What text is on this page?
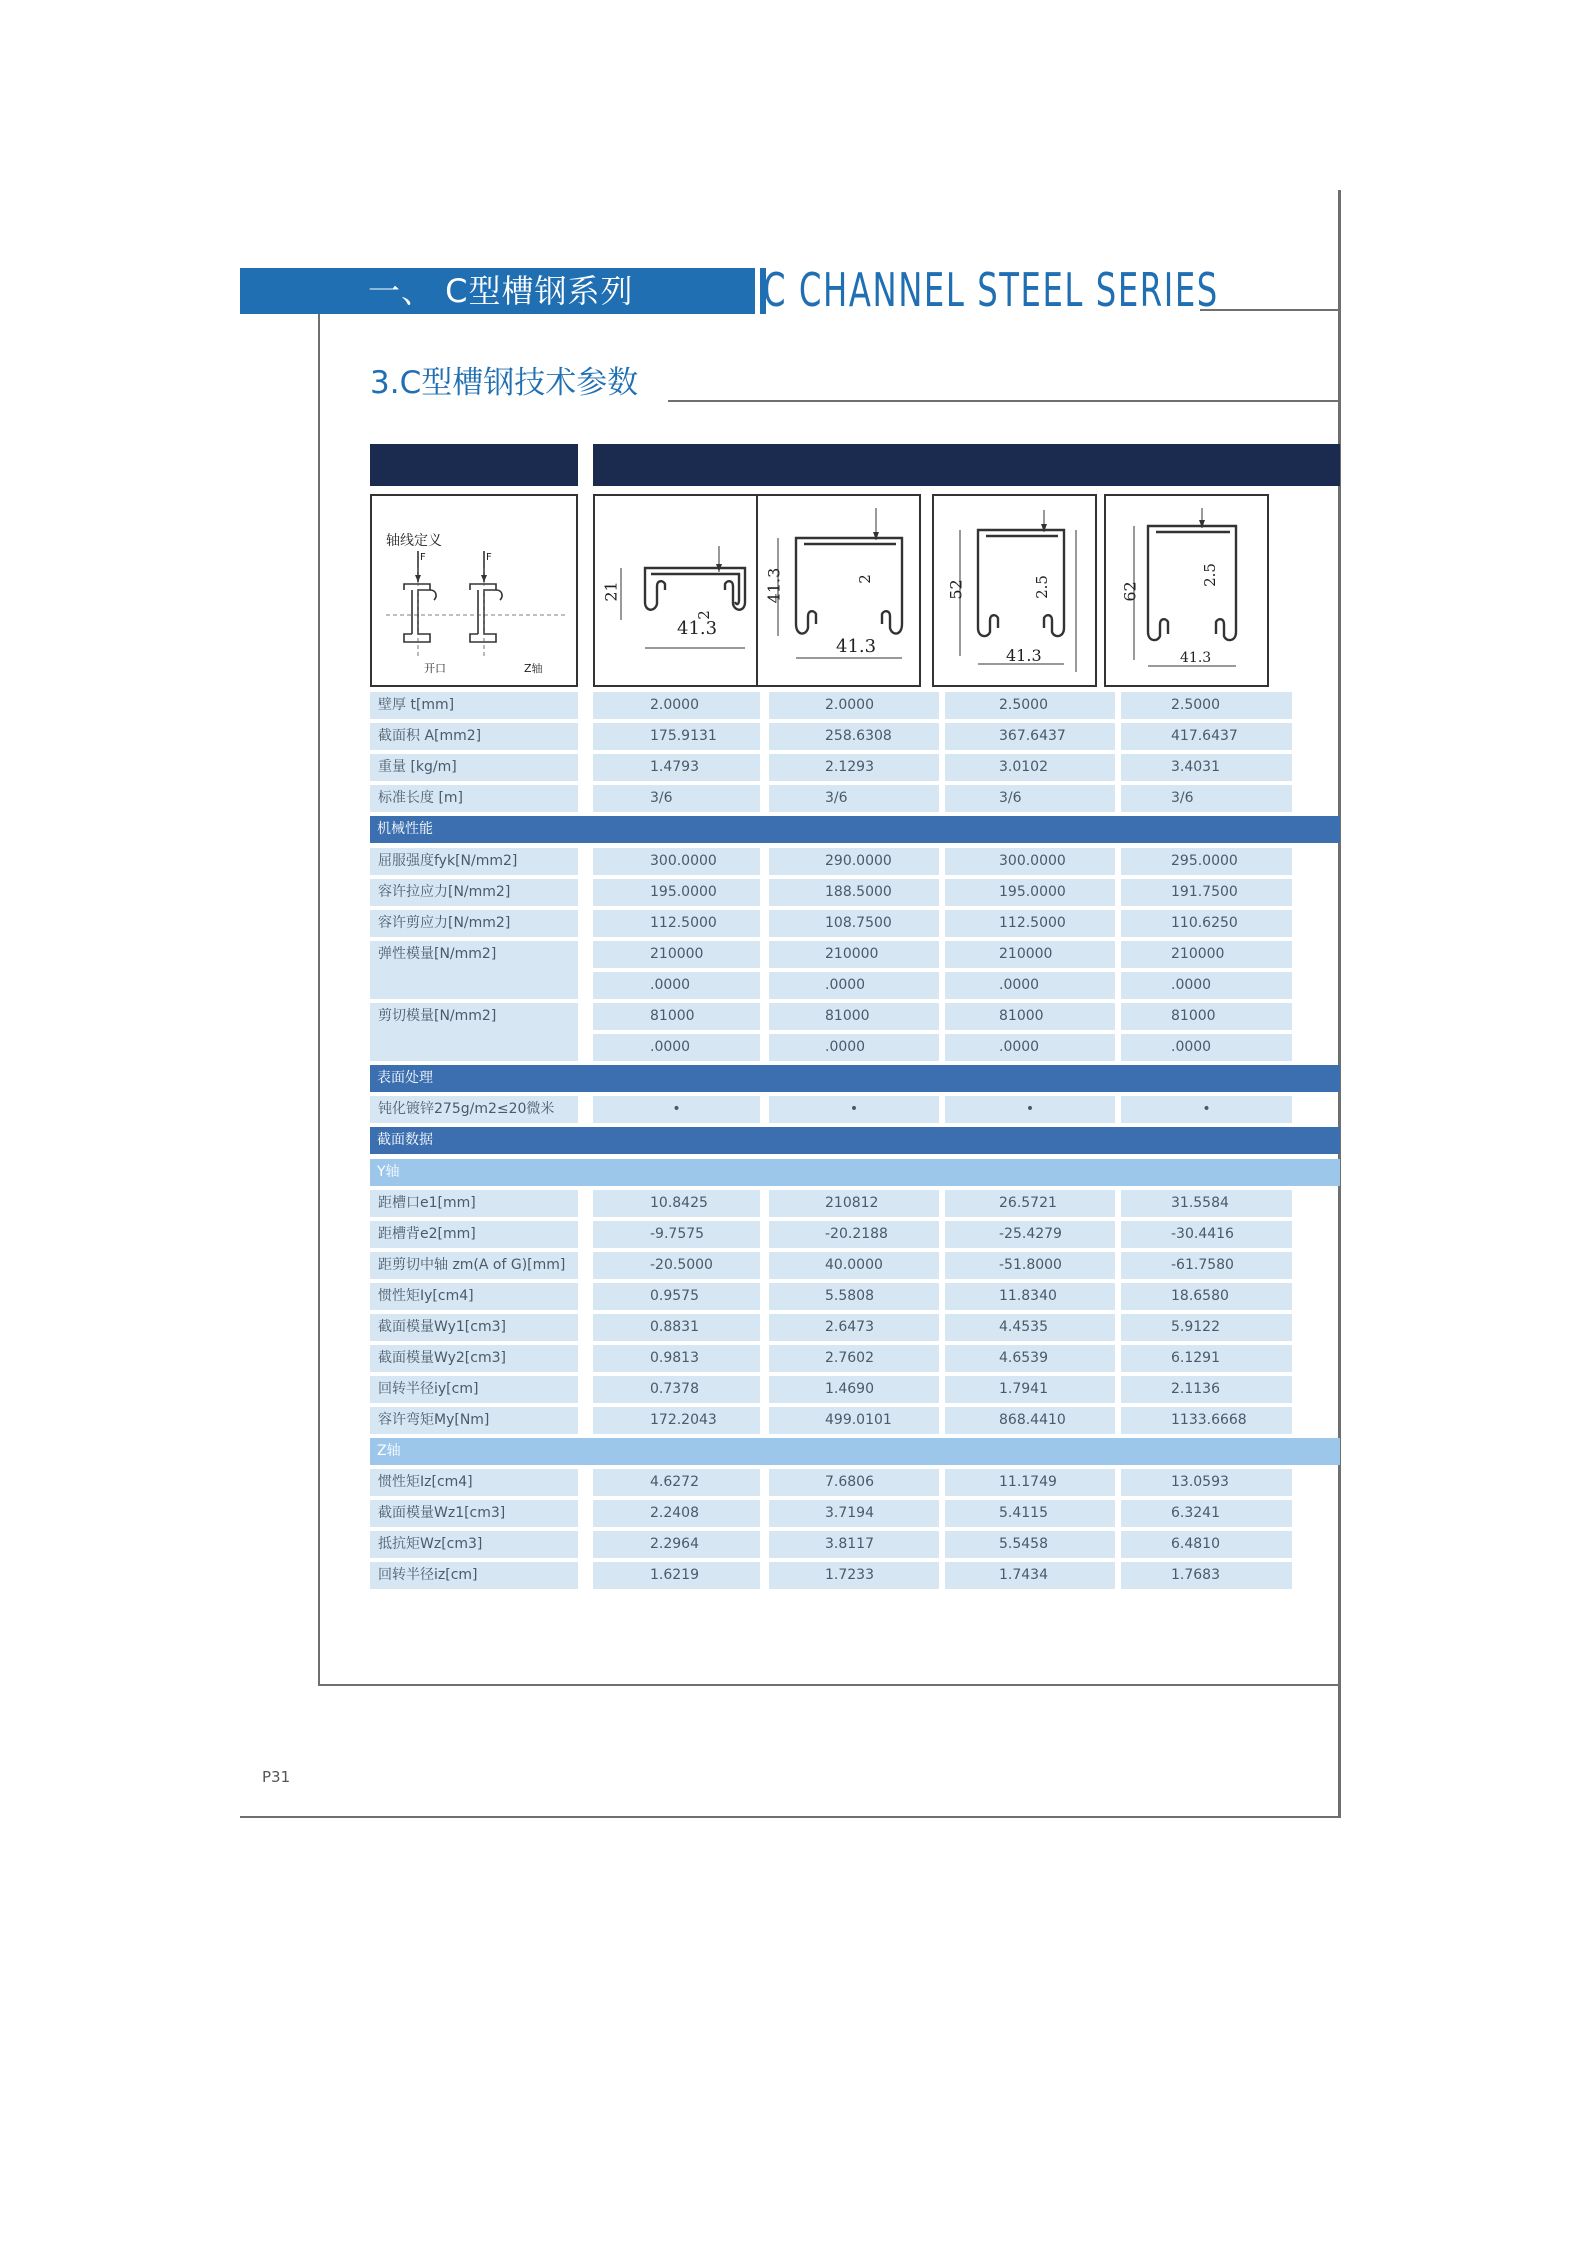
一、 C型槽钢系列	C CHANNEL STEEL SERIES
3.C型槽钢技术参数
轴线定义
F	F
开口	Z轴
21
2
41.3
41.3	2
41.3
52	2.5
41.3
62
2.5
41.3
壁厚 t[mm]	2.0000	2.0000	2.5000	2.5000
截面积 A[mm2]	175.9131	258.6308	367.6437	417.6437
重量 [kg/m]	1.4793	2.1293	3.0102	3.4031
标准长度 [m]	3/6	3/6	3/6	3/6
机械性能
屈服强度fyk[N/mm2]	300.0000	290.0000	300.0000	295.0000
容许拉应力[N/mm2]	195.0000	188.5000	195.0000	191.7500
容许剪应力[N/mm2]	112.5000	108.7500	112.5000	110.6250
弹性模量[N/mm2]	210000	210000	210000	210000
.0000	.0000	.0000	.0000
剪切模量[N/mm2]	81000	81000	81000	81000
.0000	.0000	.0000	.0000
表面处理
钝化镀锌275g/m2≤20微米	•	•	•	•
截面数据
Y轴
距槽口e1[mm]	10.8425	210812	26.5721	31.5584
距槽背e2[mm]	-9.7575	-20.2188	-25.4279	-30.4416
距剪切中轴 zm(A of G)[mm]	-20.5000	40.0000	-51.8000	-61.7580
惯性矩Iy[cm4]	0.9575	5.5808	11.8340	18.6580
截面模量Wy1[cm3]	0.8831	2.6473	4.4535	5.9122
截面模量Wy2[cm3]	0.9813	2.7602	4.6539	6.1291
回转半径iy[cm]	0.7378	1.4690	1.7941	2.1136
容许弯矩My[Nm]	172.2043	499.0101	868.4410	1133.6668
Z轴
惯性矩Iz[cm4]	4.6272	7.6806	11.1749	13.0593
截面模量Wz1[cm3]	2.2408	3.7194	5.4115	6.3241
抵抗矩Wz[cm3]	2.2964	3.8117	5.5458	6.4810
回转半径iz[cm]	1.6219	1.7233	1.7434	1.7683
P31
